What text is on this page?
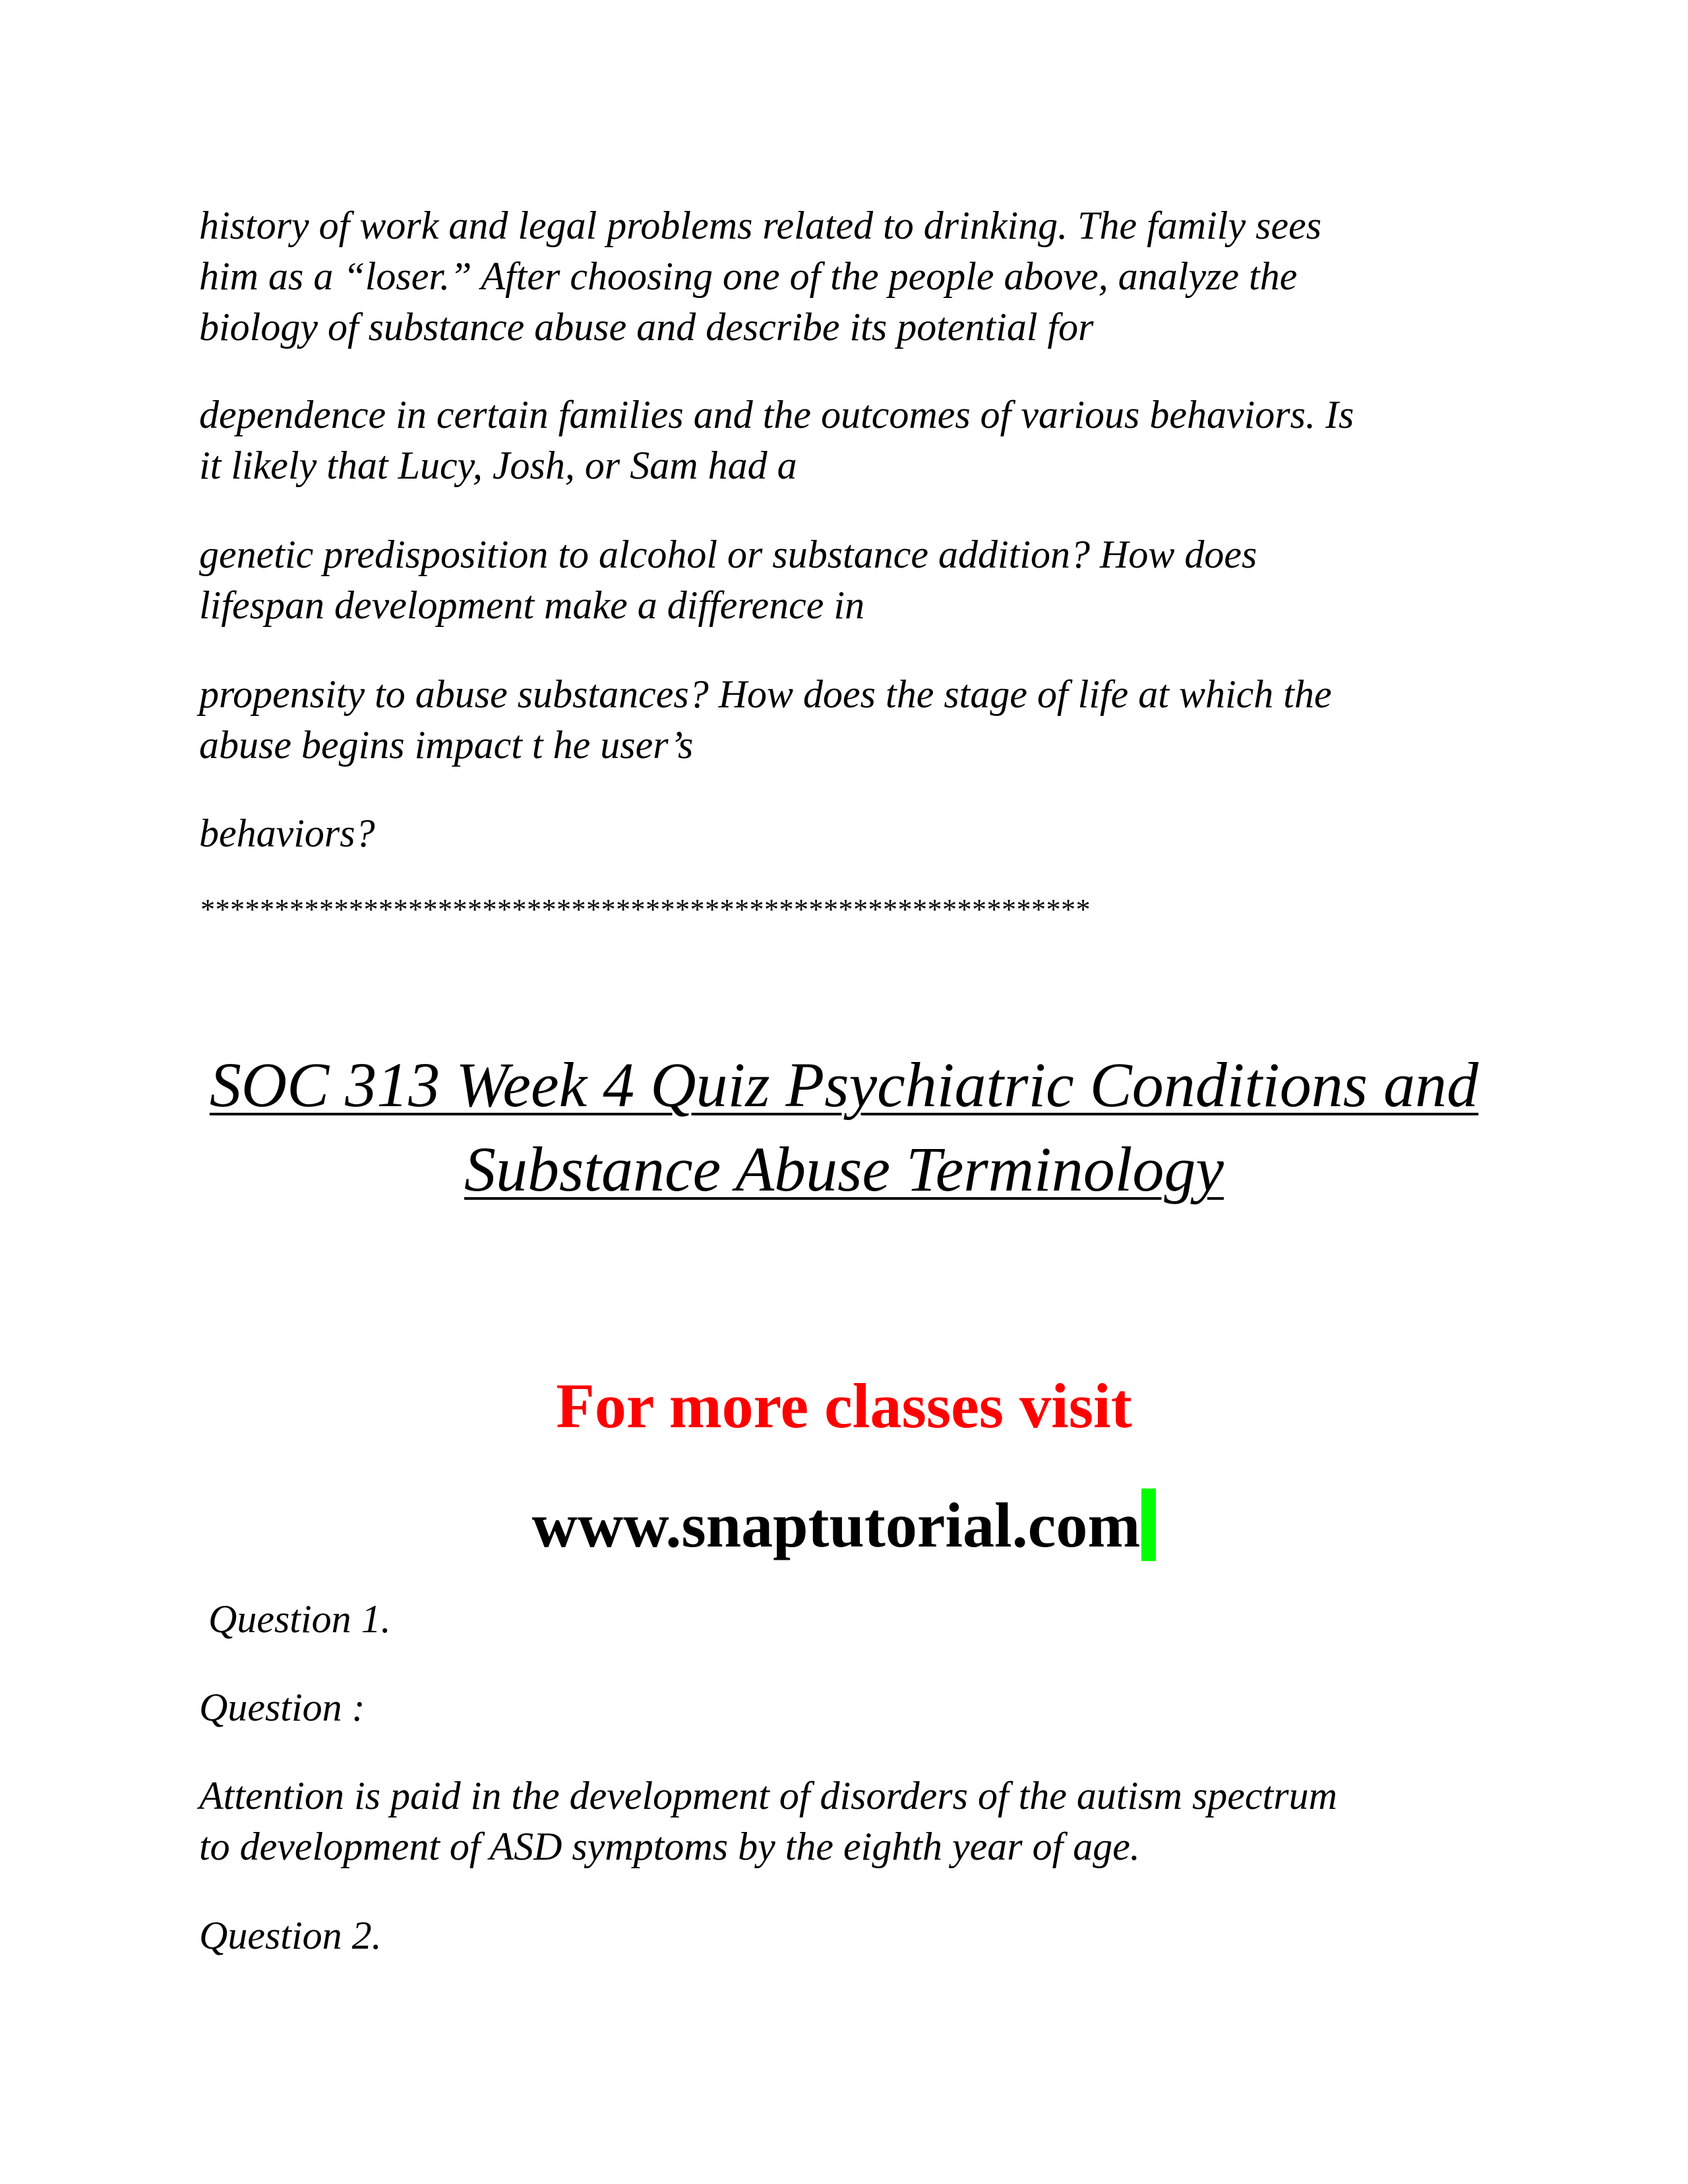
history of work and legal problems related to drinking. The family sees
him as a “loser.” After choosing one of the people above, analyze the
biology of substance abuse and describe its potential for

dependence in certain families and the outcomes of various behaviors. Is
it likely that Lucy, Josh, or Sam had a

genetic predisposition to alcohol or substance addition? How does
lifespan development make a difference in

propensity to abuse substances? How does the stage of life at which the
abuse begins impact t he user’s

behaviors?

************************************************************
SOC 313 Week 4 Quiz Psychiatric Conditions and
Substance Abuse Terminology
For more classes visit
www.snaptutorial.com

Question 1.

Question :

Attention is paid in the development of disorders of the autism spectrum
to development of ASD symptoms by the eighth year of age.

Question 2.
